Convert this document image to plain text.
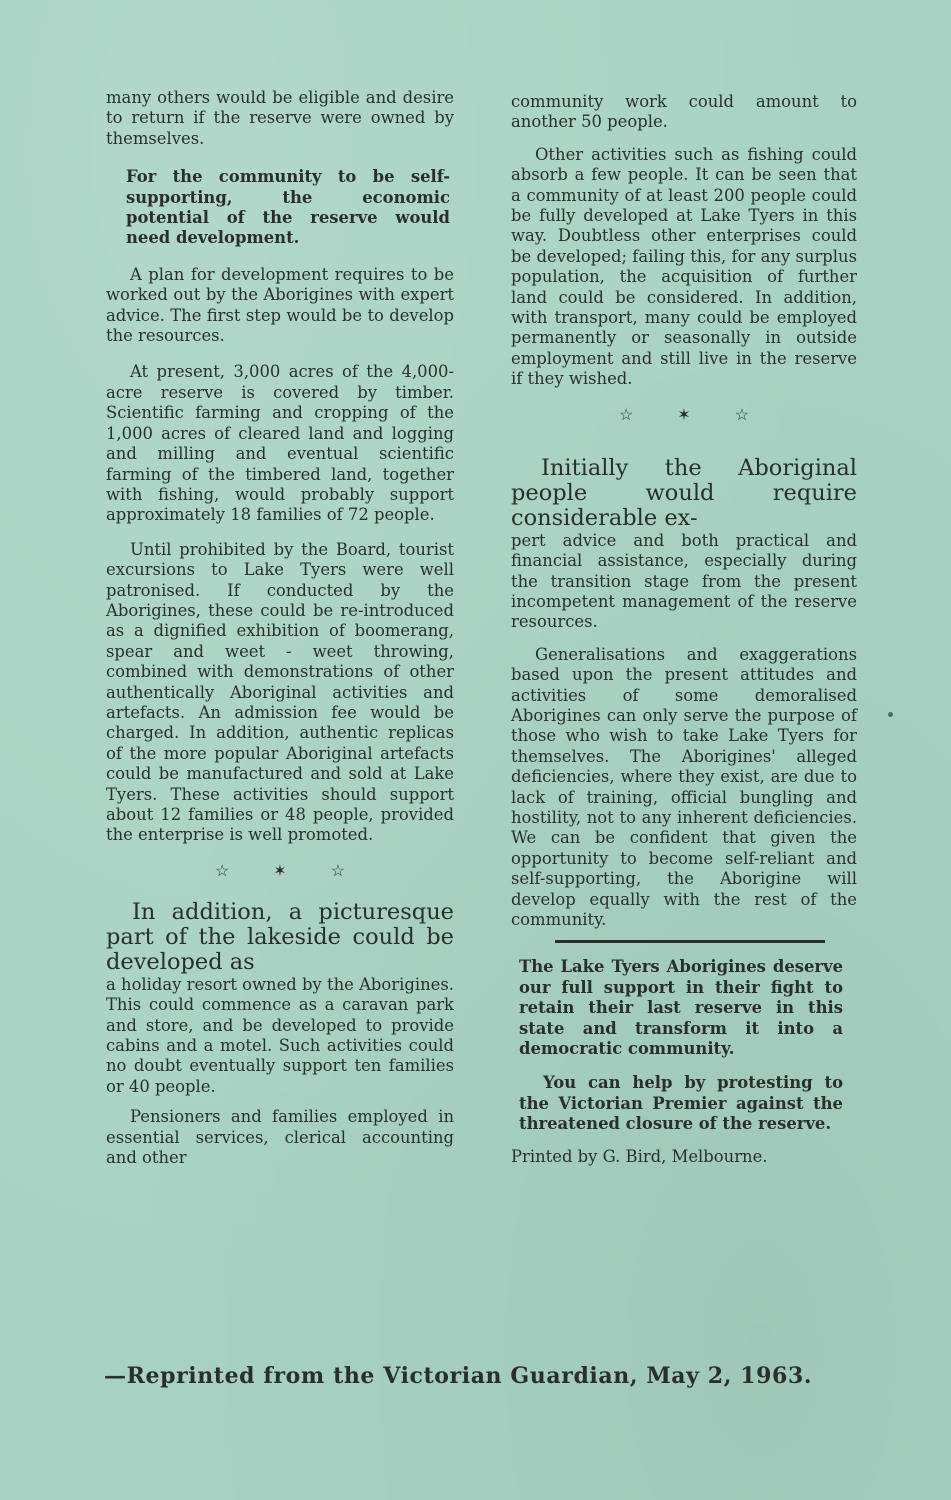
many others would be eligible and desire to return if the reserve were owned by themselves.

For the community to be self-supporting, the economic potential of the reserve would need development.

A plan for development requires to be worked out by the Aborigines with expert advice. The first step would be to develop the resources.

At present, 3,000 acres of the 4,000-acre reserve is covered by timber. Scientific farming and cropping of the 1,000 acres of cleared land and logging and milling and eventual scientific farming of the timbered land, together with fishing, would probably support approximately 18 families of 72 people.

Until prohibited by the Board, tourist excursions to Lake Tyers were well patronised. If conducted by the Aborigines, these could be re-introduced as a dignified exhibition of boomerang, spear and weet - weet throwing, combined with demonstrations of other authentically Aboriginal activities and artefacts. An admission fee would be charged. In addition, authentic replicas of the more popular Aboriginal artefacts could be manufactured and sold at Lake Tyers. These activities should support about 12 families or 48 people, provided the enterprise is well promoted.

☆	✶	☆

In addition, a picturesque part of the lakeside could be developed as

a holiday resort owned by the Aborigines. This could commence as a caravan park and store, and be developed to provide cabins and a motel. Such activities could no doubt eventually support ten families or 40 people.

Pensioners and families employed in essential services, clerical accounting and other

community work could amount to another 50 people.

Other activities such as fishing could absorb a few people. It can be seen that a community of at least 200 people could be fully developed at Lake Tyers in this way. Doubtless other enterprises could be developed; failing this, for any surplus population, the acquisition of further land could be considered. In addition, with transport, many could be employed permanently or seasonally in outside employment and still live in the reserve if they wished.

☆	✶	☆

Initially the Aboriginal people would require considerable ex-

pert advice and both practical and financial assistance, especially during the transition stage from the present incompetent management of the reserve resources.

Generalisations and exaggerations based upon the present attitudes and activities of some demoralised Aborigines can only serve the purpose of those who wish to take Lake Tyers for themselves. The Aborigines' alleged deficiencies, where they exist, are due to lack of training, official bungling and hostility, not to any inherent deficiencies. We can be confident that given the opportunity to become self-reliant and self-supporting, the Aborigine will develop equally with the rest of the community.

The Lake Tyers Aborigines deserve our full support in their fight to retain their last reserve in this state and transform it into a democratic community.

You can help by protesting to the Victorian Premier against the threatened closure of the reserve.

Printed by G. Bird, Melbourne.

—Reprinted from the Victorian Guardian, May 2, 1963.
